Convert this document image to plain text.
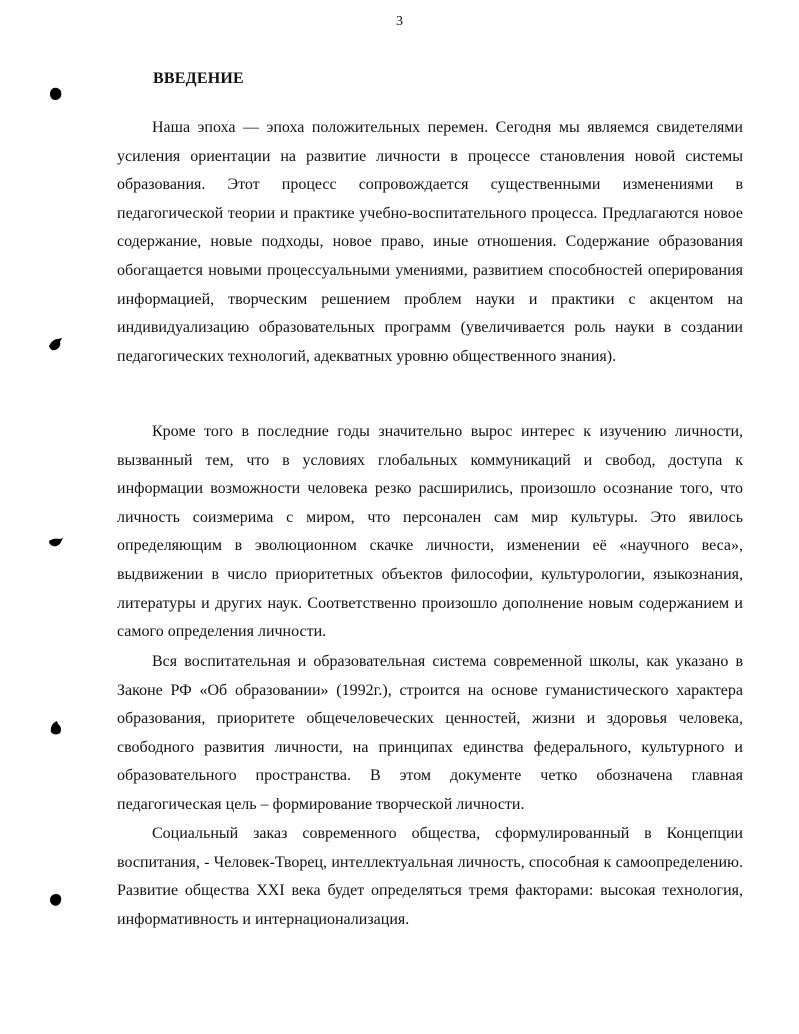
3
ВВЕДЕНИЕ

Наша эпоха — эпоха положительных перемен. Сегодня мы являемся свидетелями усиления ориентации на развитие личности в процессе становления новой системы образования. Этот процесс сопровождается существенными изменениями в педагогической теории и практике учебно-воспитательного процесса. Предлагаются новое содержание, новые подходы, новое право, иные отношения. Содержание образования обогащается новыми процессуальными умениями, развитием способностей оперирования информацией, творческим решением проблем науки и практики с акцентом на индивидуализацию образовательных программ (увеличивается роль науки в создании педагогических технологий, адекватных уровню общественного знания).

Кроме того в последние годы значительно вырос интерес к изучению личности, вызванный тем, что в условиях глобальных коммуникаций и свобод, доступа к информации возможности человека резко расширились, произошло осознание того, что личность соизмерима с миром, что персонален сам мир культуры. Это явилось определяющим в эволюционном скачке личности, изменении её «научного веса», выдвижении в число приоритетных объектов философии, культурологии, языкознания, литературы и других наук. Соответственно произошло дополнение новым содержанием и самого определения личности.

Вся воспитательная и образовательная система современной школы, как указано в Законе РФ «Об образовании» (1992г.), строится на основе гуманистического характера образования, приоритете общечеловеческих ценностей, жизни и здоровья человека, свободного развития личности, на принципах единства федерального, культурного и образовательного пространства. В этом документе четко обозначена главная педагогическая цель – формирование творческой личности.

Социальный заказ современного общества, сформулированный в Концепции воспитания, - Человек-Творец, интеллектуальная личность, способная к самоопределению. Развитие общества XXI века будет определяться тремя факторами: высокая технология, информативность и интернационализация.
